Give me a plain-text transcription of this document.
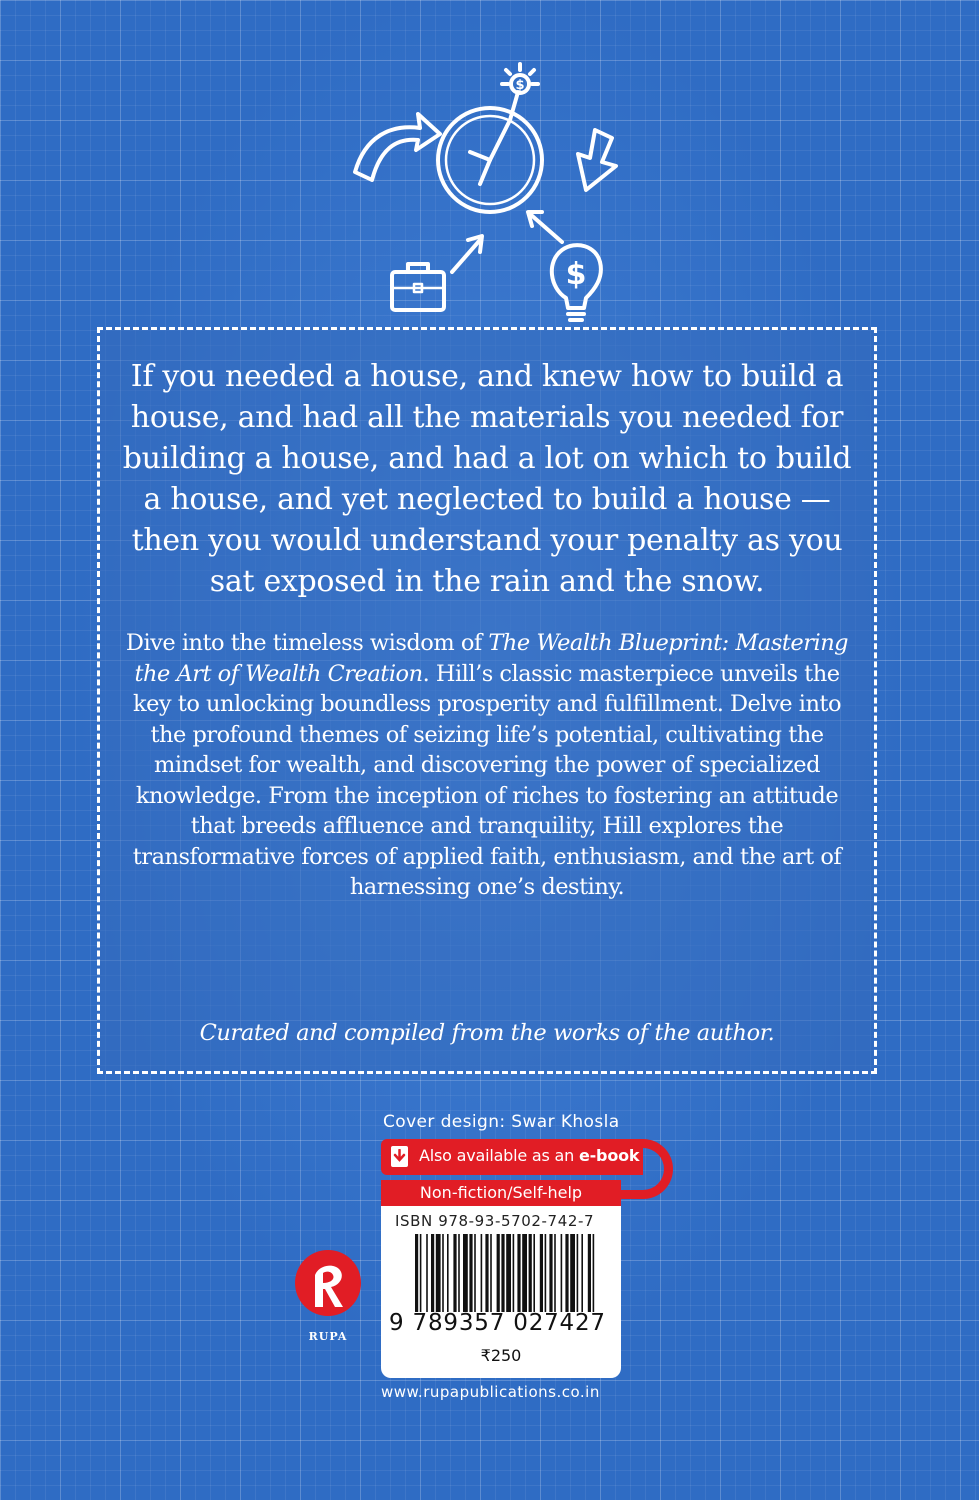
$
$

If you needed a house, and knew how to build a house, and had all the materials you needed for building a house, and had a lot on which to build a house, and yet neglected to build a house —then you would understand your penalty as you sat exposed in the rain and the snow.

Dive into the timeless wisdom of The Wealth Blueprint: Mastering the Art of Wealth Creation. Hill’s classic masterpiece unveils the key to unlocking boundless prosperity and fulfillment. Delve into the profound themes of seizing life’s potential, cultivating the mindset for wealth, and discovering the power of specialized knowledge. From the inception of riches to fostering an attitude that breeds affluence and tranquility, Hill explores the transformative forces of applied faith, enthusiasm, and the art of harnessing one’s destiny.

Curated and compiled from the works of the author.

Cover design: Swar Khosla
Also available as an e-book
Non-fiction/Self-help
ISBN 978-93-5702-742-7
9 789357 027427
₹250
RUPA
www.rupapublications.co.in
